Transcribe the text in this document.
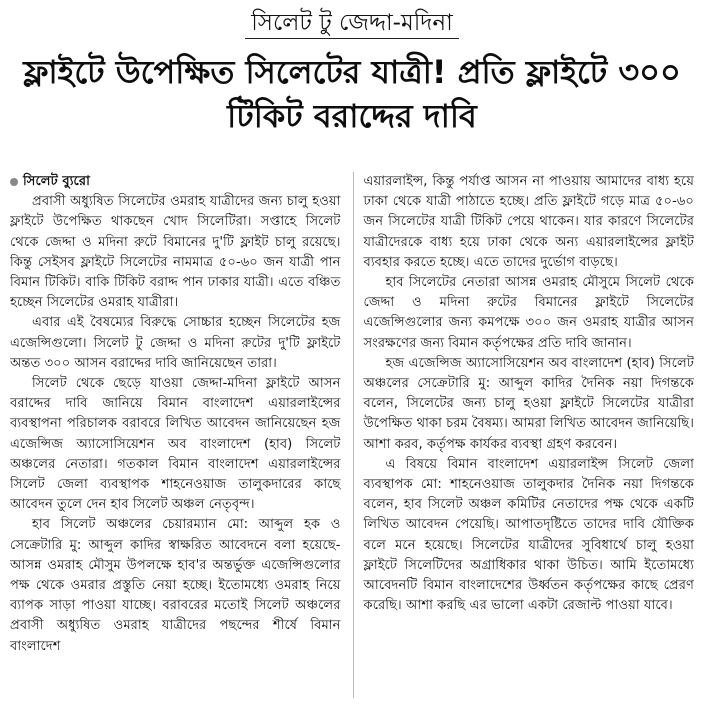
সিলেট টু জেদ্দা-মদিনা
ফ্লাইটে উপেক্ষিত সিলেটের যাত্রী! প্রতি ফ্লাইটে ৩০০ টিকিট বরাদ্দের দাবি
সিলেট ব্যুরো

প্রবাসী অধ্যুষিত সিলেটের ওমরাহ যাত্রীদের জন্য চালু হওয়া ফ্লাইটে উপেক্ষিত থাকছেন খোদ সিলেটিরা। সপ্তাহে সিলেট থেকে জেদ্দা ও মদিনা রুটে বিমানের দু'টি ফ্লাইট চালু রয়েছে। কিন্তু সেইসব ফ্লাইটে সিলেটের নামমাত্র ৫০-৬০ জন যাত্রী পান বিমান টিকিট। বাকি টিকিট বরাদ্দ পান ঢাকার যাত্রী। এতে বঞ্চিত হচ্ছেন সিলেটের ওমরাহ যাত্রীরা।

এবার এই বৈষম্যের বিরুদ্ধে সোচ্চার হচ্ছেন সিলেটের হজ এজেন্সিগুলো। সিলেট টু জেদ্দা ও মদিনা রুটের দু'টি ফ্লাইটে অন্তত ৩০০ আসন বরাদ্দের দাবি জানিয়েছেন তারা।

সিলেট থেকে ছেড়ে যাওয়া জেদ্দা-মদিনা ফ্লাইটে আসন বরাদ্দের দাবি জানিয়ে বিমান বাংলাদেশ এয়ারলাইন্সের ব্যবস্থাপনা পরিচালক বরাবরে লিখিত আবেদন জানিয়েছেন হজ এজেন্সিজ অ্যাসোসিয়েশন অব বাংলাদেশ (হাব) সিলেট অঞ্চলের নেতারা। গতকাল বিমান বাংলাদেশ এয়ারলাইন্সের সিলেট জেলা ব্যবস্থাপক শাহনেওয়াজ তালুকদারের কাছে আবেদন তুলে দেন হাব সিলেট অঞ্চল নেতৃবৃন্দ।

হাব সিলেট অঞ্চলের চেয়ারম্যান মো: আব্দুল হক ও সেক্রেটারি মু: আব্দুল কাদির স্বাক্ষরিত আবেদনে বলা হয়েছে- আসন্ন ওমরাহ মৌসুম উপলক্ষে হাব'র অন্তর্ভুক্ত এজেন্সিগুলোর পক্ষ থেকে ওমরার প্রস্তুতি নেয়া হচ্ছে। ইতোমধ্যে ওমরাহ নিয়ে ব্যাপক সাড়া পাওয়া যাচ্ছে। বরাবরের মতোই সিলেট অঞ্চলের প্রবাসী অধ্যুষিত ওমরাহ যাত্রীদের পছন্দের শীর্ষে বিমান বাংলাদেশ

এয়ারলাইন্স, কিন্তু পর্যাপ্ত আসন না পাওয়ায় আমাদের বাধ্য হয়ে ঢাকা থেকে যাত্রী পাঠাতে হচ্ছে। প্রতি ফ্লাইটে গড়ে মাত্র ৫০-৬০ জন সিলেটের যাত্রী টিকিট পেয়ে থাকেন। যার কারণে সিলেটের যাত্রীদেরকে বাধ্য হয়ে ঢাকা থেকে অন্য এয়ারলাইন্সের ফ্লাইট ব্যবহার করতে হচ্ছে। এতে তাদের দুর্ভোগ বাড়ছে।

হাব সিলেটের নেতারা আসন্ন ওমরাহ মৌসুমে সিলেট থেকে জেদ্দা ও মদিনা রুটের বিমানের ফ্লাইটে সিলেটের এজেন্সিগুলোর জন্য কমপক্ষে ৩০০ জন ওমরাহ যাত্রীর আসন সংরক্ষণের জন্য বিমান কর্তৃপক্ষের প্রতি দাবি জানান।

হজ এজেন্সিজ অ্যাসোসিয়েশন অব বাংলাদেশ (হাব) সিলেট অঞ্চলের সেক্রেটারি মু: আব্দুল কাদির দৈনিক নয়া দিগন্তকে বলেন, সিলেটের জন্য চালু হওয়া ফ্লাইটে সিলেটের যাত্রীরা উপেক্ষিত থাকা চরম বৈষম্য। আমরা লিখিত আবেদন জানিয়েছি। আশা করব, কর্তৃপক্ষ কার্যকর ব্যবস্থা গ্রহণ করবেন।

এ বিষয়ে বিমান বাংলাদেশ এয়ারলাইন্স সিলেট জেলা ব্যবস্থাপক মো: শাহনেওয়াজ তালুকদার দৈনিক নয়া দিগন্তকে বলেন, হাব সিলেট অঞ্চল কমিটির নেতাদের পক্ষ থেকে একটি লিখিত আবেদন পেয়েছি। আপাতদৃষ্টিতে তাদের দাবি যৌক্তিক বলে মনে হয়েছে। সিলেটের যাত্রীদের সুবিধার্থে চালু হওয়া ফ্লাইটে সিলেটিদের অগ্রাধিকার থাকা উচিত। আমি ইতোমধ্যে আবেদনটি বিমান বাংলাদেশের উর্ধ্বতন কর্তৃপক্ষের কাছে প্রেরণ করেছি। আশা করছি এর ভালো একটা রেজাল্ট পাওয়া যাবে।
